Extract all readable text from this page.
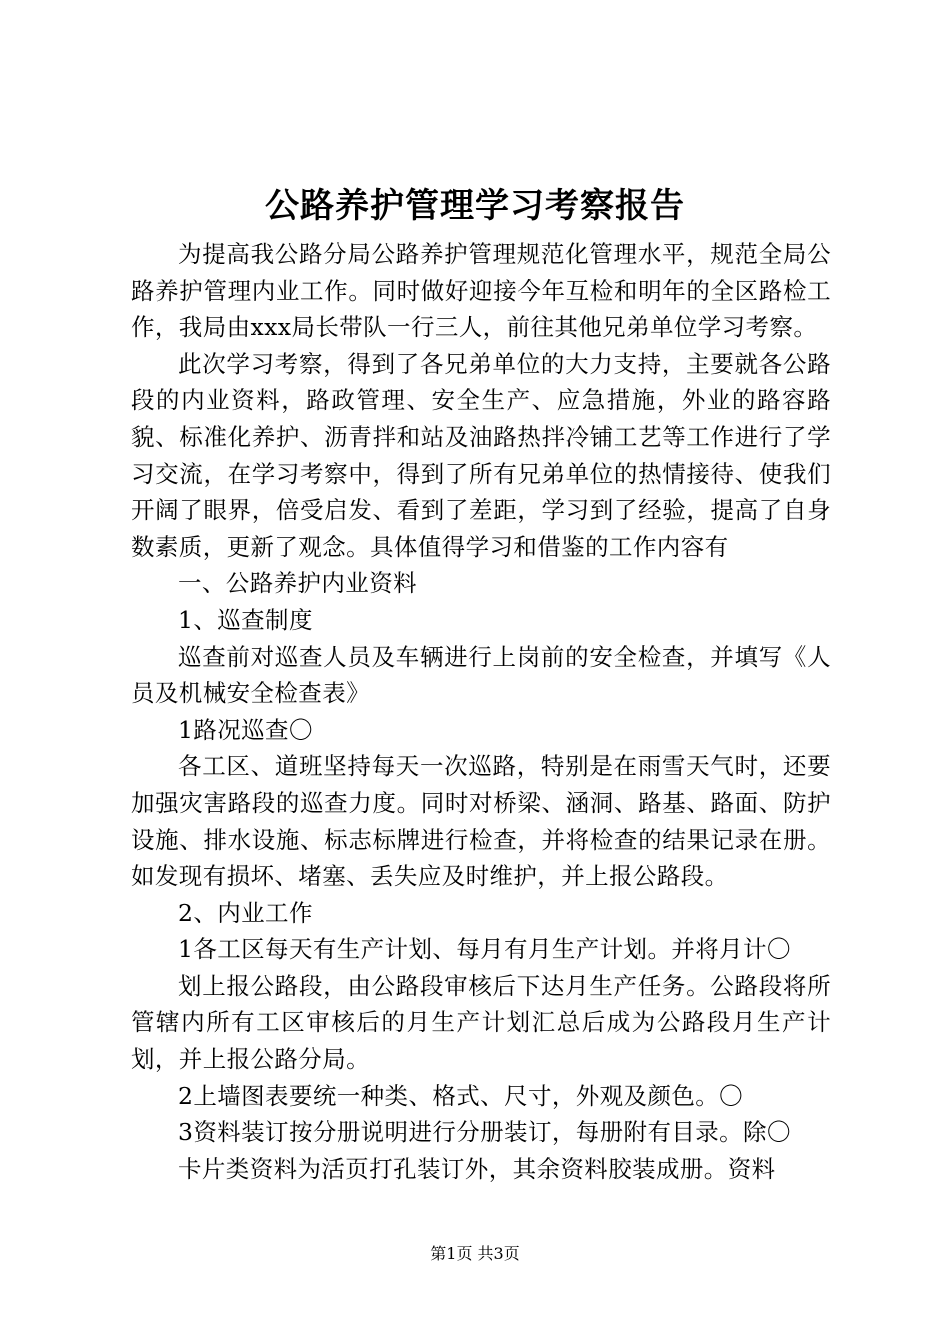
公路养护管理学习考察报告

为提高我公路分局公路养护管理规范化管理水平，规范全局公路养护管理内业工作。同时做好迎接今年互检和明年的全区路检工作，我局由xxx局长带队一行三人，前往其他兄弟单位学习考察。

此次学习考察，得到了各兄弟单位的大力支持，主要就各公路段的内业资料，路政管理、安全生产、应急措施，外业的路容路貌、标准化养护、沥青拌和站及油路热拌冷铺工艺等工作进行了学习交流，在学习考察中，得到了所有兄弟单位的热情接待、使我们开阔了眼界，倍受启发、看到了差距，学习到了经验，提高了自身数素质，更新了观念。具体值得学习和借鉴的工作内容有

一、公路养护内业资料

1、巡查制度

巡查前对巡查人员及车辆进行上岗前的安全检查，并填写《人员及机械安全检查表》

1路况巡查〇

各工区、道班坚持每天一次巡路，特别是在雨雪天气时，还要加强灾害路段的巡查力度。同时对桥梁、涵洞、路基、路面、防护设施、排水设施、标志标牌进行检查，并将检查的结果记录在册。如发现有损坏、堵塞、丢失应及时维护，并上报公路段。

2、内业工作

1各工区每天有生产计划、每月有月生产计划。并将月计〇

划上报公路段，由公路段审核后下达月生产任务。公路段将所管辖内所有工区审核后的月生产计划汇总后成为公路段月生产计划，并上报公路分局。

2上墙图表要统一种类、格式、尺寸，外观及颜色。〇

3资料装订按分册说明进行分册装订，每册附有目录。除〇

卡片类资料为活页打孔装订外，其余资料胶装成册。资料

第1页 共3页
